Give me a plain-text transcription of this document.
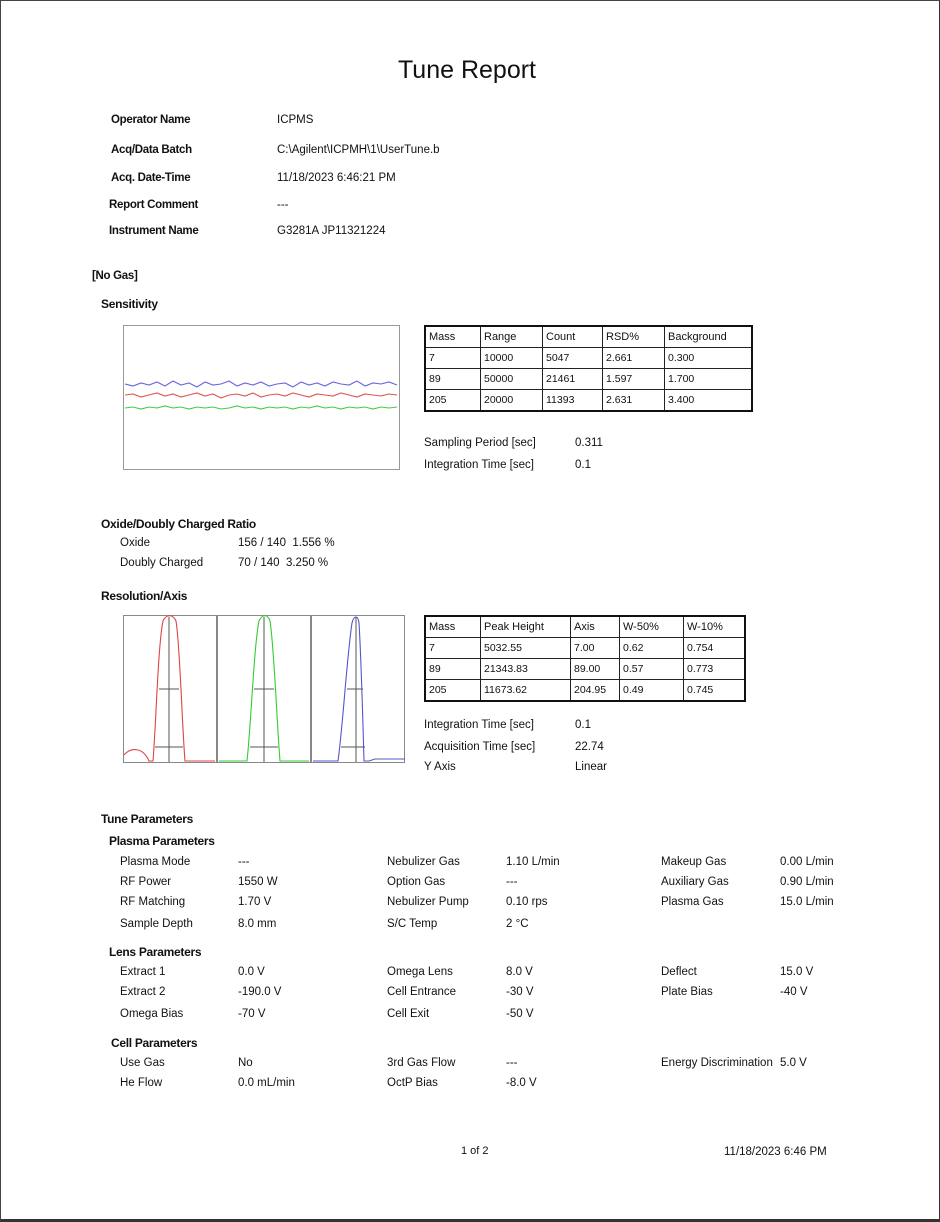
Tune Report
Operator Name	ICPMS
Acq/Data Batch	C:\Agilent\ICPMH\1\UserTune.b
Acq. Date-Time	11/18/2023 6:46:21 PM
Report Comment	---
Instrument Name	G3281A JP11321224
[No Gas]
Sensitivity
Mass	Range	Count	RSD%	Background
7	10000	5047	2.661	0.300
89	50000	21461	1.597	1.700
205	20000	11393	2.631	3.400
Sampling Period [sec]	0.311
Integration Time [sec]	0.1
Oxide/Doubly Charged Ratio
Oxide	156 / 140  1.556 %
Doubly Charged	70 / 140  3.250 %
Resolution/Axis
Mass	Peak Height	Axis	W-50%	W-10%
7	5032.55	7.00	0.62	0.754
89	21343.83	89.00	0.57	0.773
205	11673.62	204.95	0.49	0.745
Integration Time [sec]	0.1
Acquisition Time [sec]	22.74
Y Axis	Linear
Tune Parameters
Plasma Parameters
Plasma Mode	---	Nebulizer Gas	1.10 L/min	Makeup Gas	0.00 L/min
RF Power	1550 W	Option Gas	---	Auxiliary Gas	0.90 L/min
RF Matching	1.70 V	Nebulizer Pump	0.10 rps	Plasma Gas	15.0 L/min
Sample Depth	8.0 mm	S/C Temp	2 °C
Lens Parameters
Extract 1	0.0 V	Omega Lens	8.0 V	Deflect	15.0 V
Extract 2	-190.0 V	Cell Entrance	-30 V	Plate Bias	-40 V
Omega Bias	-70 V	Cell Exit	-50 V
Cell Parameters
Use Gas	No	3rd Gas Flow	---	Energy Discrimination 5.0 V
He Flow	0.0 mL/min	OctP Bias	-8.0 V
1 of 2	11/18/2023 6:46 PM
